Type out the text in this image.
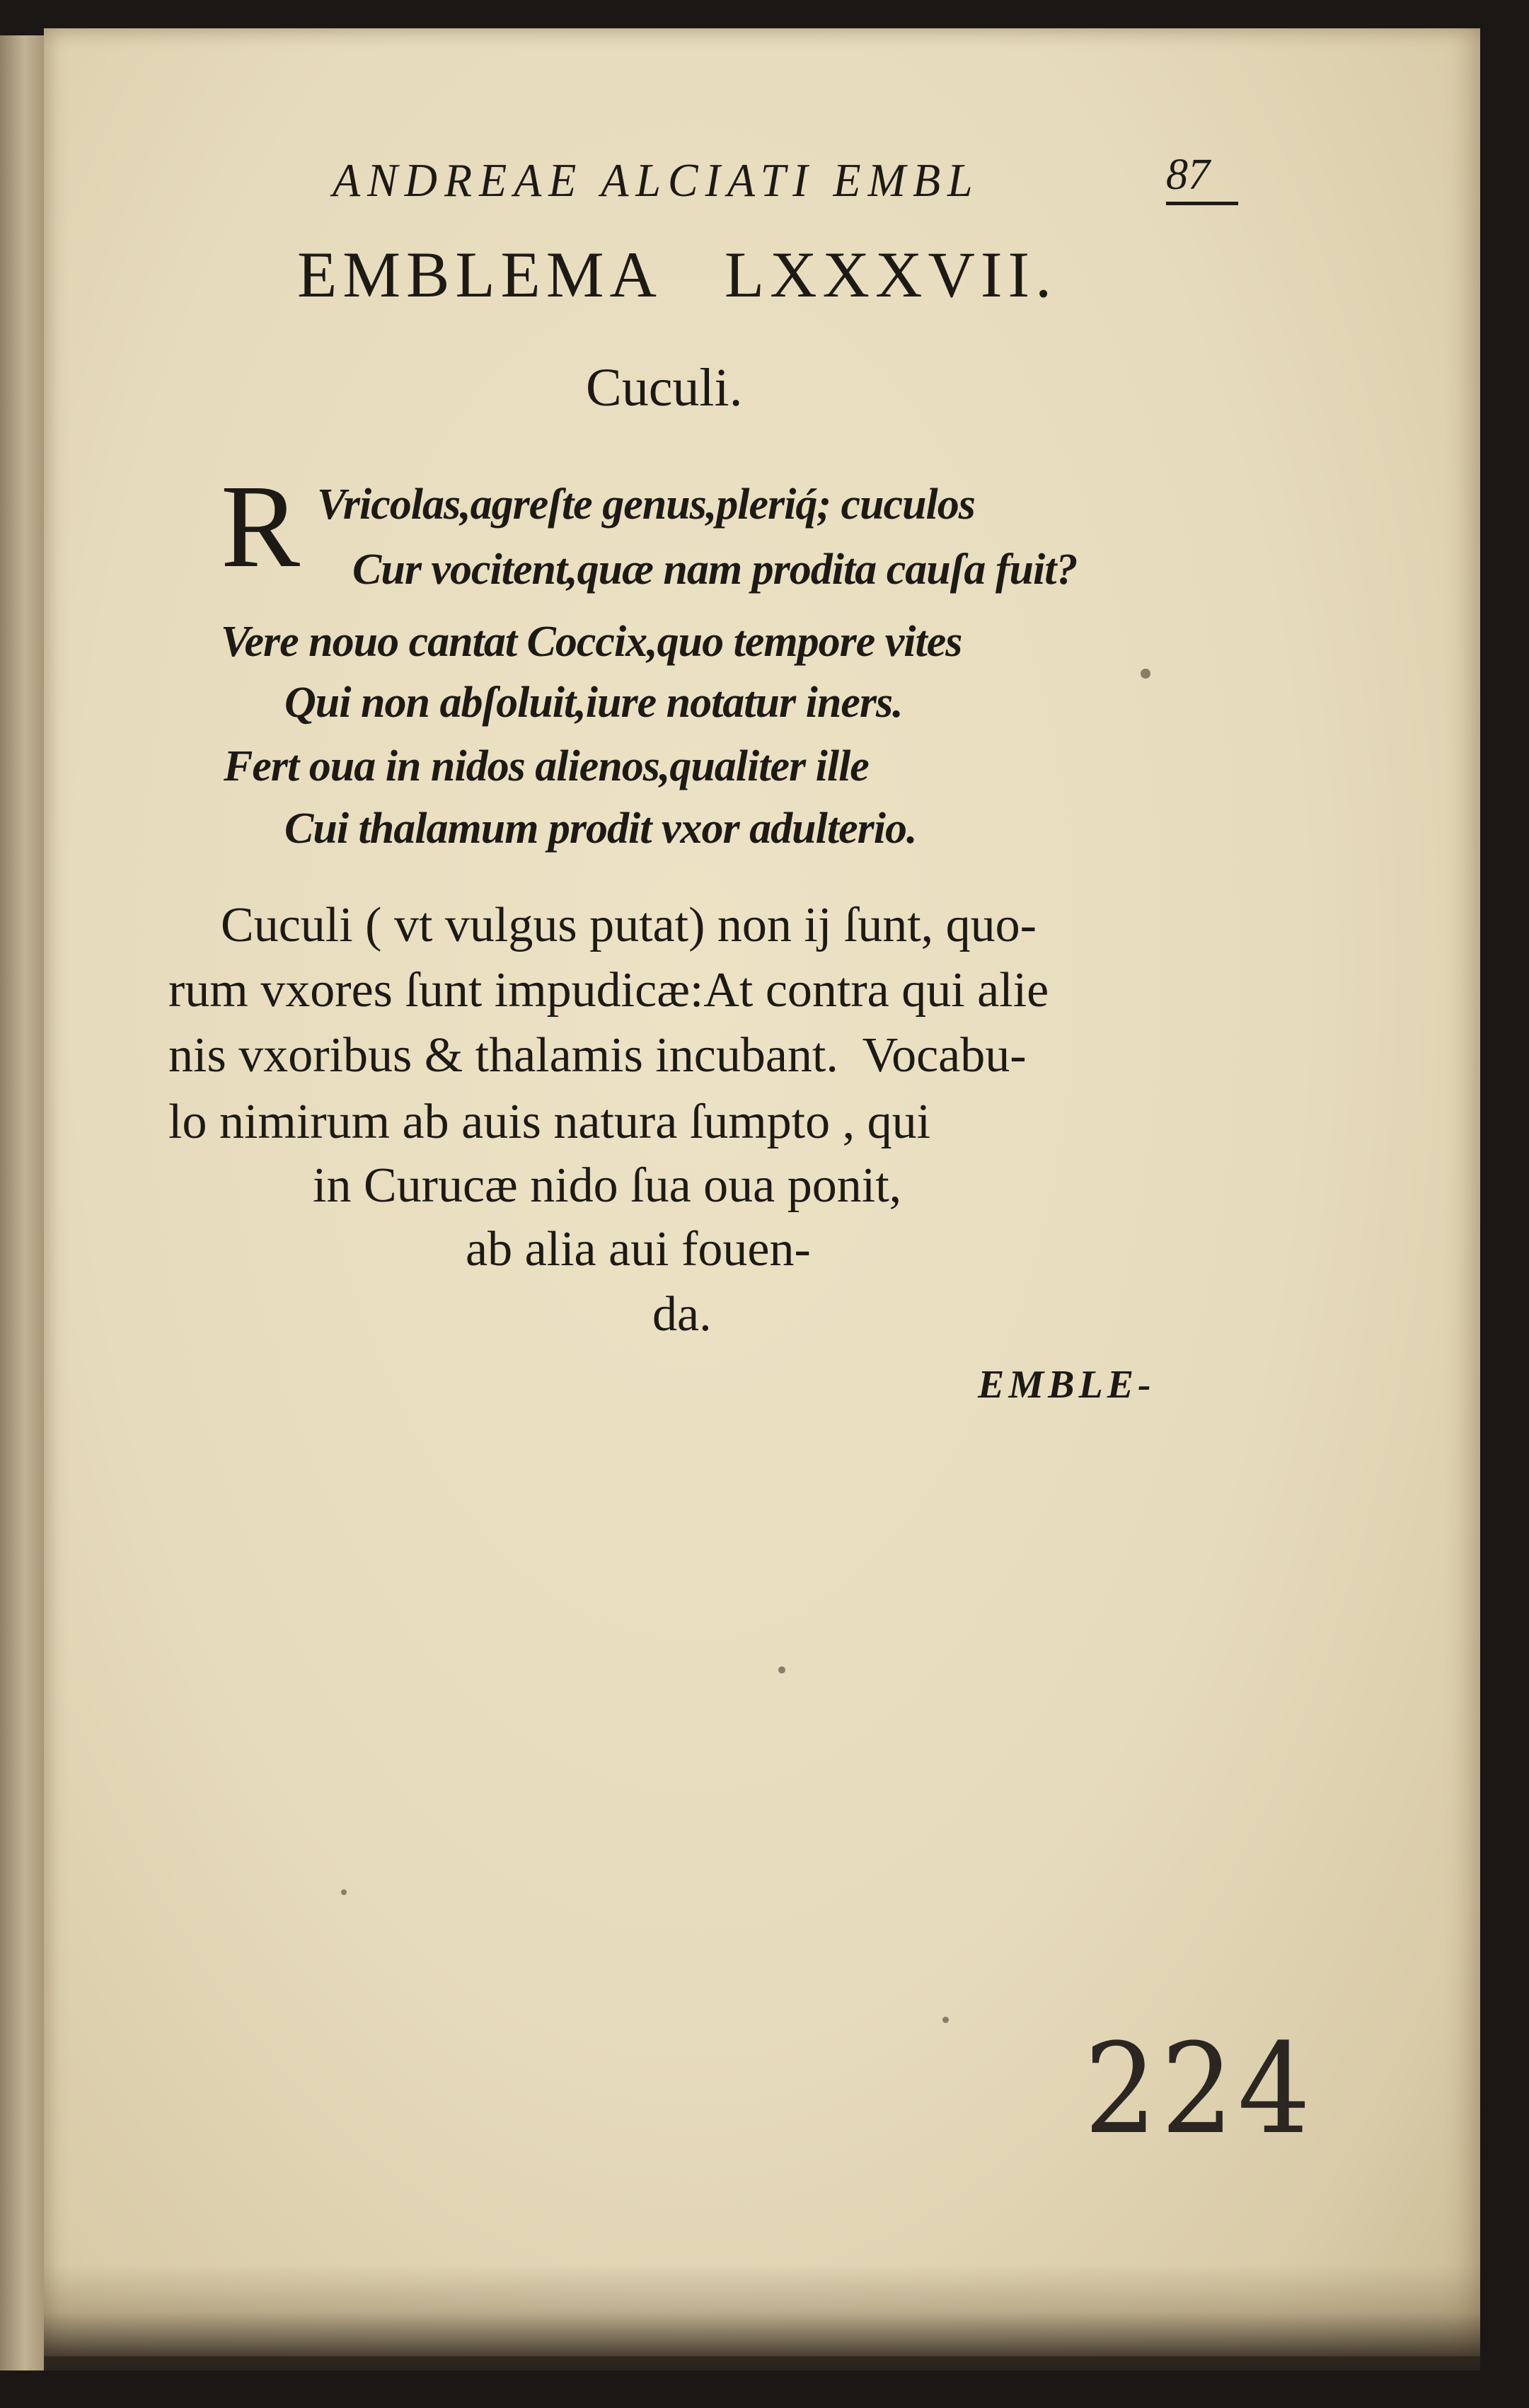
ANDREAE ALCIATI EMBL	87
EMBLEMA   LXXXVII.
Cuculi.
R Vricolas,agreſte genus,pleriq́; cuculos
Cur vocitent,quæ nam prodita cauſa fuit?
Vere nouo cantat Coccix,quo tempore vites
Qui non abſoluit,iure notatur iners.
Fert oua in nidos alienos,qualiter ille
Cui thalamum prodit vxor adulterio.
Cuculi ( vt vulgus putat) non ij ſunt, quo-
rum vxores ſunt impudicæ:At contra qui alie
nis vxoribus & thalamis incubant.  Vocabu-
lo nimirum ab auis natura ſumpto , qui
in Curucæ nido ſua oua ponit,
ab alia aui fouen-
da.
EMBLE-
224
